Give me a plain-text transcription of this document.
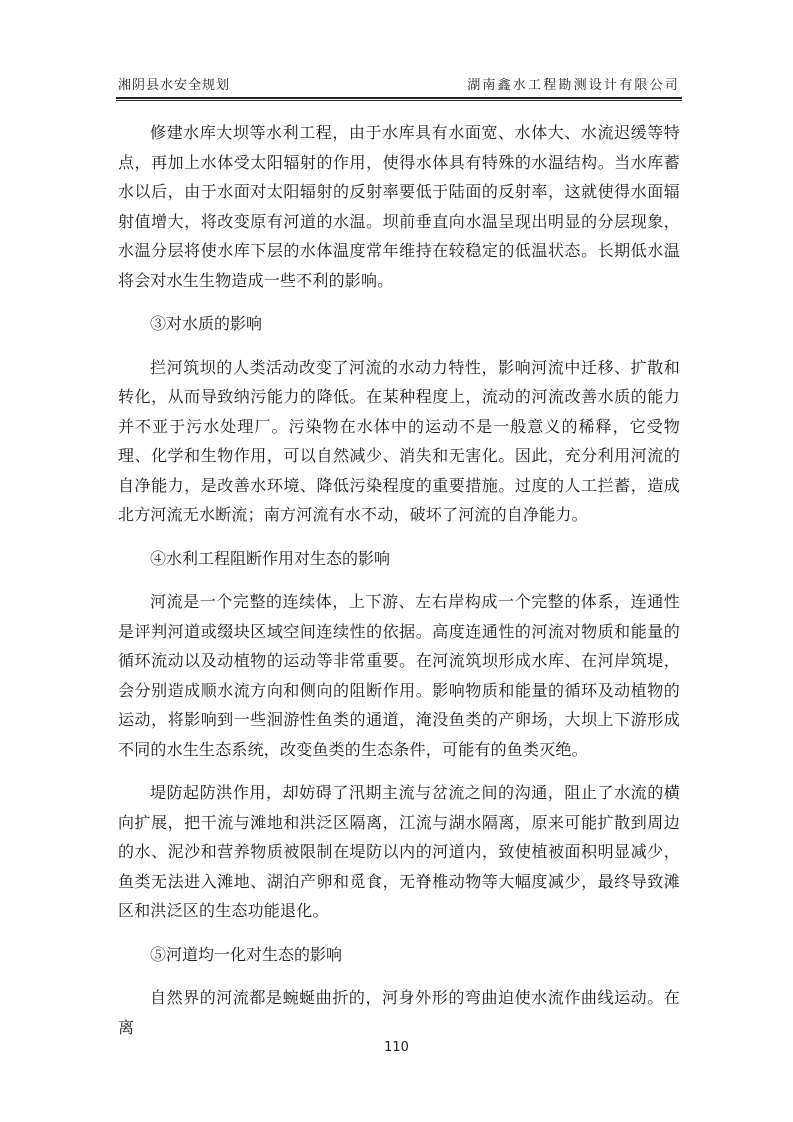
湘阴县水安全规划	湖南鑫水工程勘测设计有限公司

修建水库大坝等水利工程，由于水库具有水面宽、水体大、水流迟缓等特点，再加上水体受太阳辐射的作用，使得水体具有特殊的水温结构。当水库蓄水以后，由于水面对太阳辐射的反射率要低于陆面的反射率，这就使得水面辐射值增大，将改变原有河道的水温。坝前垂直向水温呈现出明显的分层现象，水温分层将使水库下层的水体温度常年维持在较稳定的低温状态。长期低水温将会对水生生物造成一些不利的影响。

③对水质的影响

拦河筑坝的人类活动改变了河流的水动力特性，影响河流中迁移、扩散和转化，从而导致纳污能力的降低。在某种程度上，流动的河流改善水质的能力并不亚于污水处理厂。污染物在水体中的运动不是一般意义的稀释，它受物理、化学和生物作用，可以自然减少、消失和无害化。因此，充分利用河流的自净能力，是改善水环境、降低污染程度的重要措施。过度的人工拦蓄，造成北方河流无水断流；南方河流有水不动，破坏了河流的自净能力。

④水利工程阻断作用对生态的影响

河流是一个完整的连续体，上下游、左右岸构成一个完整的体系，连通性是评判河道或缀块区域空间连续性的依据。高度连通性的河流对物质和能量的循环流动以及动植物的运动等非常重要。在河流筑坝形成水库、在河岸筑堤，会分别造成顺水流方向和侧向的阻断作用。影响物质和能量的循环及动植物的运动，将影响到一些洄游性鱼类的通道，淹没鱼类的产卵场，大坝上下游形成不同的水生生态系统，改变鱼类的生态条件，可能有的鱼类灭绝。

堤防起防洪作用，却妨碍了汛期主流与岔流之间的沟通，阻止了水流的横向扩展，把干流与滩地和洪泛区隔离，江流与湖水隔离，原来可能扩散到周边的水、泥沙和营养物质被限制在堤防以内的河道内，致使植被面积明显减少，鱼类无法进入滩地、湖泊产卵和觅食，无脊椎动物等大幅度减少，最终导致滩区和洪泛区的生态功能退化。

⑤河道均一化对生态的影响

自然界的河流都是蜿蜒曲折的，河身外形的弯曲迫使水流作曲线运动。在离

110
